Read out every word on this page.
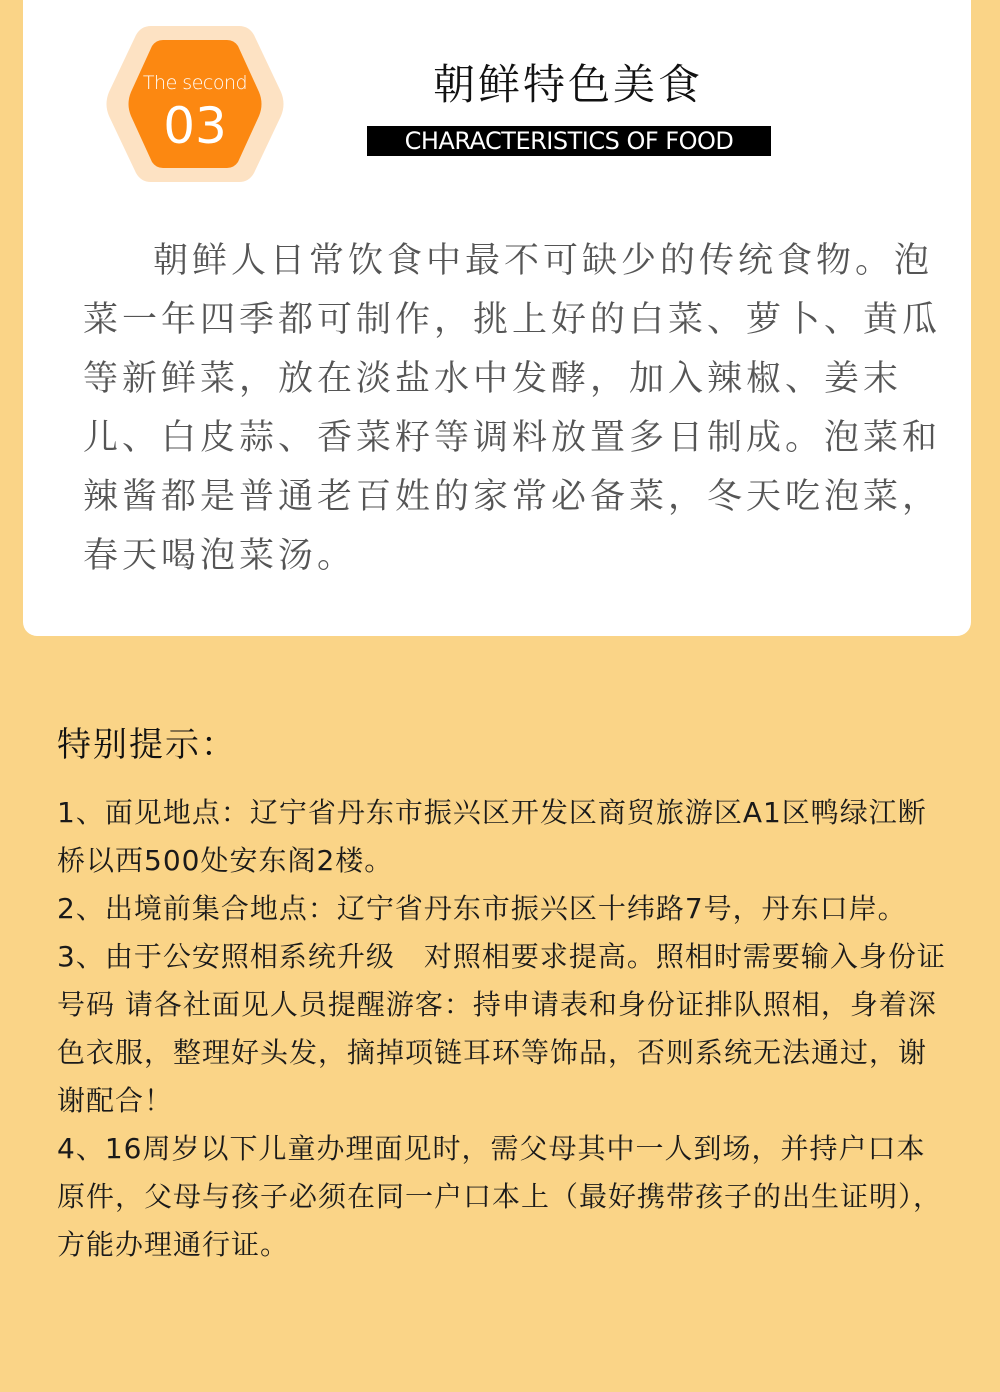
The second
03
朝鲜特色美食
CHARACTERISTICS OF FOOD
朝鲜人日常饮食中最不可缺少的传统食物。泡菜一年四季都可制作，挑上好的白菜、萝卜、黄瓜等新鲜菜，放在淡盐水中发酵，加入辣椒、姜末儿、白皮蒜、香菜籽等调料放置多日制成。泡菜和辣酱都是普通老百姓的家常必备菜，冬天吃泡菜，春天喝泡菜汤。
特别提示：
1、面见地点：辽宁省丹东市振兴区开发区商贸旅游区A1区鸭绿江断桥以西500处安东阁2楼。
2、出境前集合地点：辽宁省丹东市振兴区十纬路7号，丹东口岸。
3、由于公安照相系统升级　对照相要求提高。照相时需要输入身份证号码 请各社面见人员提醒游客：持申请表和身份证排队照相，身着深色衣服，整理好头发，摘掉项链耳环等饰品，否则系统无法通过，谢谢配合！
4、16周岁以下儿童办理面见时，需父母其中一人到场，并持户口本原件，父母与孩子必须在同一户口本上（最好携带孩子的出生证明），方能办理通行证。
